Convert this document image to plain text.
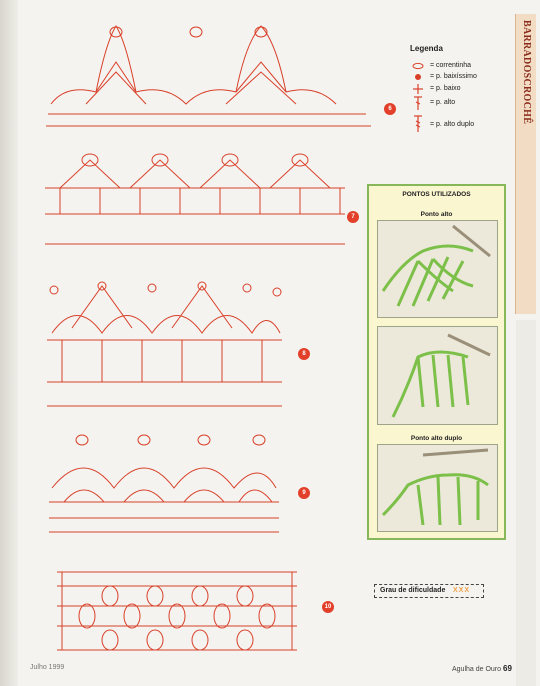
BARRADOSCROCHÊ
Legenda
= correntinha
= p. baixíssimo
= p. baixo
= p. alto
= p. alto duplo
6
7
8
9
10
PONTOS UTILIZADOS
Ponto alto
Ponto alto duplo
Grau de dificuldade XXX
Julho 1999	Agulha de Ouro 69
